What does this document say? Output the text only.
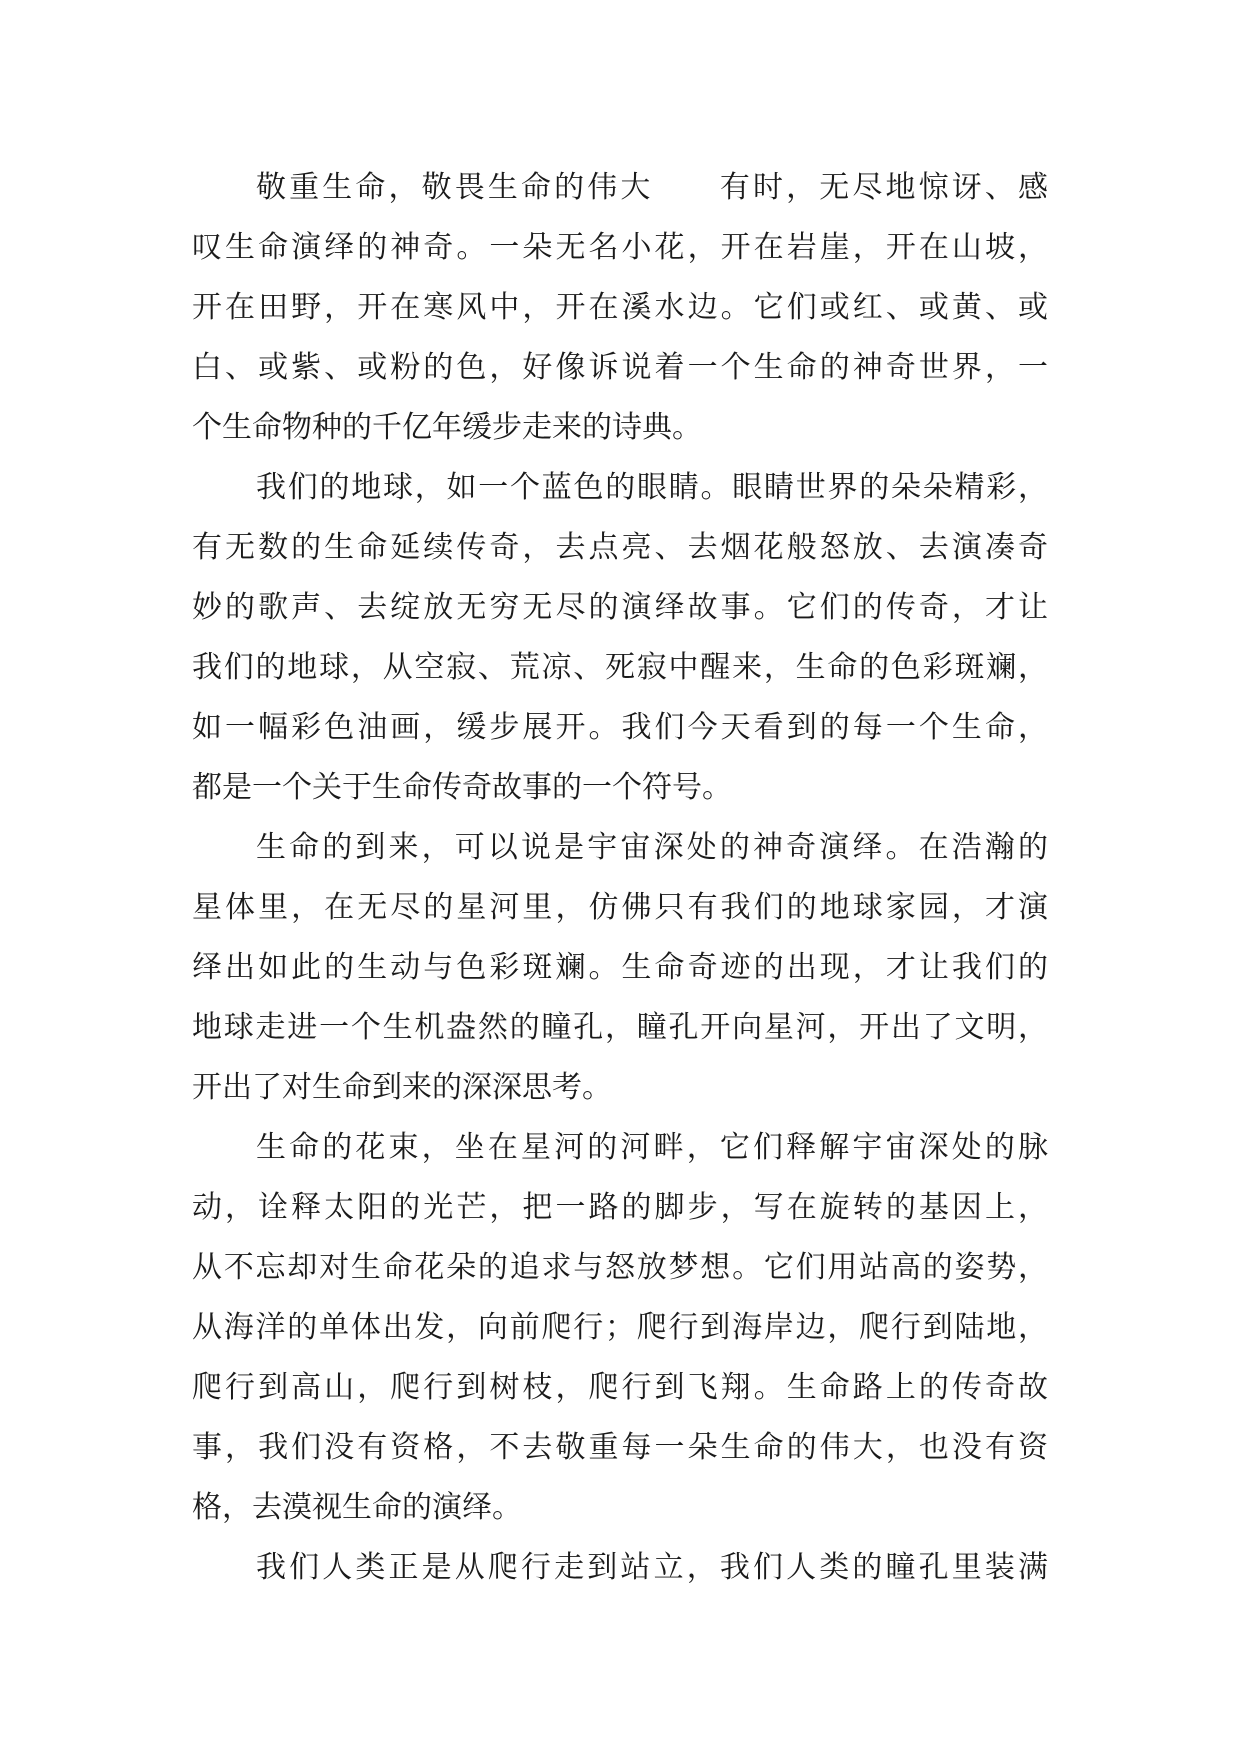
敬重生命，敬畏生命的伟大　　有时，无尽地惊讶、感
叹生命演绎的神奇。一朵无名小花，开在岩崖，开在山坡，
开在田野，开在寒风中，开在溪水边。它们或红、或黄、或
白、或紫、或粉的色，好像诉说着一个生命的神奇世界，一
个生命物种的千亿年缓步走来的诗典。
我们的地球，如一个蓝色的眼睛。眼睛世界的朵朵精彩，
有无数的生命延续传奇，去点亮、去烟花般怒放、去演凑奇
妙的歌声、去绽放无穷无尽的演绎故事。它们的传奇，才让
我们的地球，从空寂、荒凉、死寂中醒来，生命的色彩斑斓，
如一幅彩色油画，缓步展开。我们今天看到的每一个生命，
都是一个关于生命传奇故事的一个符号。
生命的到来，可以说是宇宙深处的神奇演绎。在浩瀚的
星体里，在无尽的星河里，仿佛只有我们的地球家园，才演
绎出如此的生动与色彩斑斓。生命奇迹的出现，才让我们的
地球走进一个生机盎然的瞳孔，瞳孔开向星河，开出了文明，
开出了对生命到来的深深思考。
生命的花束，坐在星河的河畔，它们释解宇宙深处的脉
动，诠释太阳的光芒，把一路的脚步，写在旋转的基因上，
从不忘却对生命花朵的追求与怒放梦想。它们用站高的姿势，
从海洋的单体出发，向前爬行；爬行到海岸边，爬行到陆地，
爬行到高山，爬行到树枝，爬行到飞翔。生命路上的传奇故
事，我们没有资格，不去敬重每一朵生命的伟大，也没有资
格，去漠视生命的演绎。
我们人类正是从爬行走到站立，我们人类的瞳孔里装满
